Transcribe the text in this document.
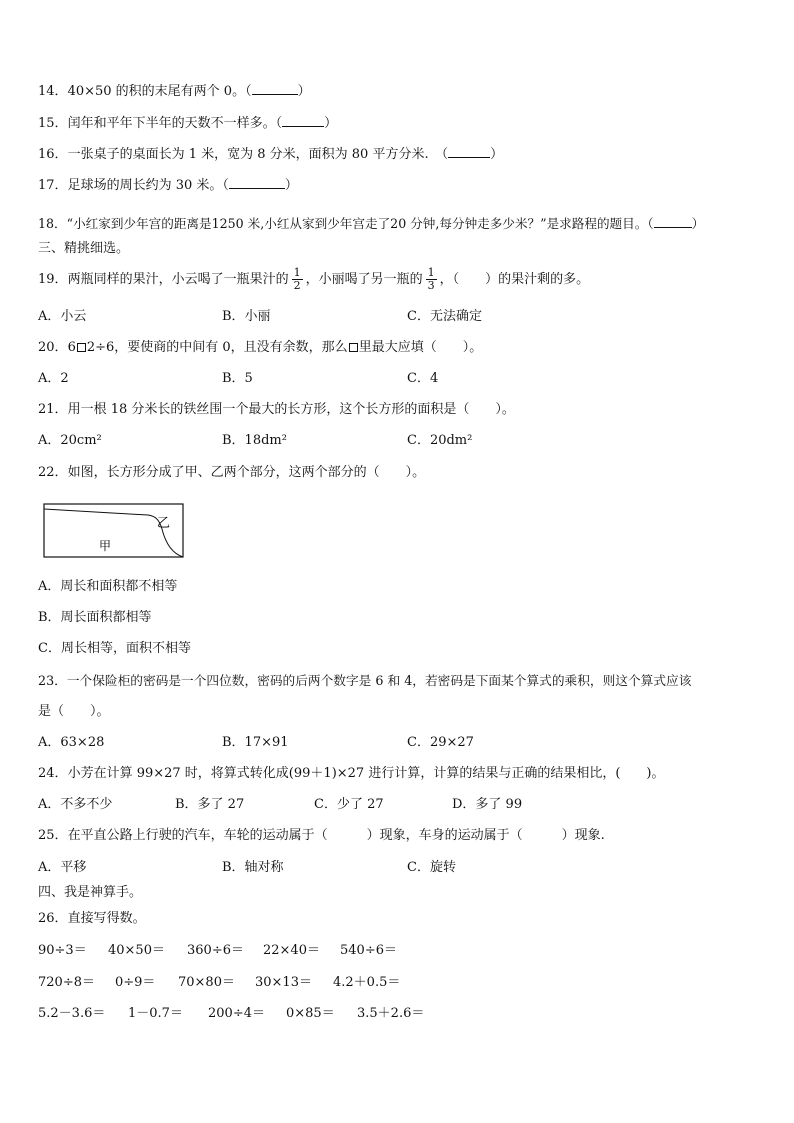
14．40×50 的积的末尾有两个 0。（	）
15．闰年和平年下半年的天数不一样多。（	）
16．一张桌子的桌面长为 1 米，宽为 8 分米，面积为 80 平方分米.　（	）
17．足球场的周长约为 30 米。（	）
18．“小红家到少年宫的距离是1250 米,小红从家到少年宫走了20 分钟,每分钟走多少米？”是求路程的题目。（	）
三、精挑细选。
19．两瓶同样的果汁，小云喝了一瓶果汁的 $\frac{1}{2}$ ，小丽喝了另一瓶的 $\frac{1}{3}$ ，（　　）的果汁剩的多。
A．小云	B．小丽	C．无法确定
20．6 2÷6，要使商的中间有 0，且没有余数，那么 里最大应填（　　）。
A．2	B．5	C．4
21．用一根 18 分米长的铁丝围一个最大的长方形，这个长方形的面积是（　　）。
A．20cm²	B．18dm²	C．20dm²
22．如图，长方形分成了甲、乙两个部分，这两个部分的（　　）。
甲
乙
A．周长和面积都不相等
B．周长面积都相等
C．周长相等，面积不相等
23．一个保险柜的密码是一个四位数，密码的后两个数字是 6 和 4，若密码是下面某个算式的乘积，则这个算式应该
是（　　）。
A．63×28	B．17×91	C．29×27
24．小芳在计算 99×27 时，将算式转化成(99＋1)×27 进行计算，计算的结果与正确的结果相比，(　　)。
A．不多不少	B．多了 27	C．少了 27	D．多了 99
25．在平直公路上行驶的汽车，车轮的运动属于（　　　）现象，车身的运动属于（　　　）现象.
A．平移	B．轴对称	C．旋转
四、我是神算手。
26．直接写得数。
90÷3＝ 40×50＝ 360÷6＝ 22×40＝ 540÷6＝
720÷8＝ 0÷9＝ 70×80＝ 30×13＝ 4.2＋0.5＝
5.2－3.6＝ 1－0.7＝ 200÷4＝ 0×85＝ 3.5＋2.6＝
